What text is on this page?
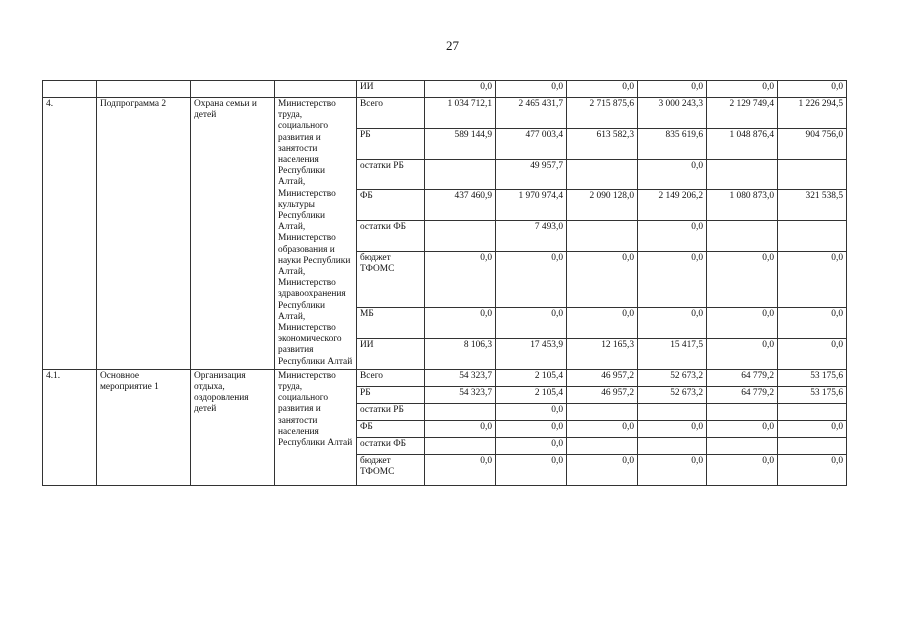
27
				ИИ	0,0	0,0	0,0	0,0	0,0	0,0
4.	Подпрограмма 2	Охрана семьи и детей	Министерство труда, социального развития и занятости населения Республики Алтай, Министерство культуры Республики Алтай, Министерство образования и науки Республики Алтай, Министерство здравоохранения Республики Алтай, Министерство экономического развития Республики Алтай	Всего	1 034 712,1	2 465 431,7	2 715 875,6	3 000 243,3	2 129 749,4	1 226 294,5
				РБ	589 144,9	477 003,4	613 582,3	835 619,6	1 048 876,4	904 756,0
				остатки РБ		49 957,7		0,0		
				ФБ	437 460,9	1 970 974,4	2 090 128,0	2 149 206,2	1 080 873,0	321 538,5
				остатки ФБ		7 493,0		0,0		
				бюджет ТФОМС	0,0	0,0	0,0	0,0	0,0	0,0
				МБ	0,0	0,0	0,0	0,0	0,0	0,0
				ИИ	8 106,3	17 453,9	12 165,3	15 417,5	0,0	0,0
4.1.	Основное мероприятие 1	Организация отдыха, оздоровления детей	Министерство труда, социального развития и занятости населения Республики Алтай	Всего	54 323,7	2 105,4	46 957,2	52 673,2	64 779,2	53 175,6
				РБ	54 323,7	2 105,4	46 957,2	52 673,2	64 779,2	53 175,6
				остатки РБ		0,0				
				ФБ	0,0	0,0	0,0	0,0	0,0	0,0
				остатки ФБ		0,0				
				бюджет ТФОМС	0,0	0,0	0,0	0,0	0,0	0,0
